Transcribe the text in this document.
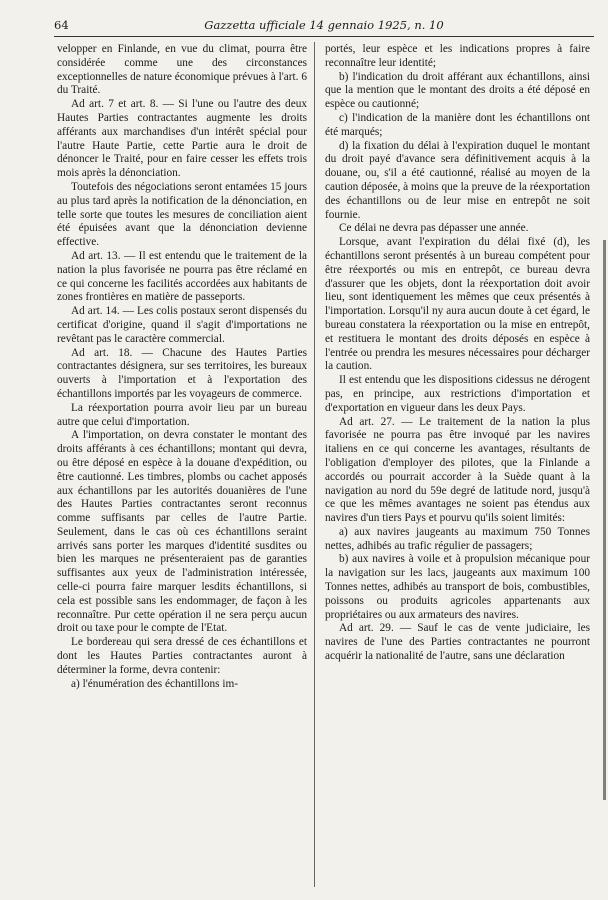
64	Gazzetta ufficiale 14 gennaio 1925, n. 10

velopper en Finlande, en vue du climat, pourra être considérée comme une des circonstances exceptionnelles de nature économique prévues à l'art. 6 du Traité.

Ad art. 7 et art. 8. — Si l'une ou l'autre des deux Hautes Parties contractantes augmente les droits afférants aux marchandises d'un intérêt spécial pour l'autre Haute Partie, cette Partie aura le droit de dénoncer le Traité, pour en faire cesser les effets trois mois après la dénonciation.

Toutefois des négociations seront entamées 15 jours au plus tard après la notification de la dénonciation, en telle sorte que toutes les mesures de conciliation aient été épuisées avant que la dénonciation devienne effective.

Ad art. 13. — Il est entendu que le traitement de la nation la plus favorisée ne pourra pas être réclamé en ce qui concerne les facilités accordées aux habitants de zones frontières en matière de passeports.

Ad art. 14. — Les colis postaux seront dispensés du certificat d'origine, quand il s'agit d'importations ne revêtant pas le caractère commercial.

Ad art. 18. — Chacune des Hautes Parties contractantes désignera, sur ses territoires, les bureaux ouverts à l'importation et à l'exportation des échantillons importés par les voyageurs de commerce.

La réexportation pourra avoir lieu par un bureau autre que celui d'importation.

A l'importation, on devra constater le montant des droits afférants à ces échantillons; montant qui devra, ou être déposé en espèce à la douane d'expédition, ou être cautionné. Les timbres, plombs ou cachet apposés aux échantillons par les autorités douanières de l'une des Hautes Parties contractantes seront reconnus comme suffisants par celles de l'autre Partie. Seulement, dans le cas où ces échantillons seraint arrivés sans porter les marques d'identité susdites ou bien les marques ne présenteraient pas de garanties suffisantes aux yeux de l'administration intéressée, celle-ci pourra faire marquer lesdits échantillons, si cela est possible sans les endommager, de façon à les reconnaître. Pur cette opération il ne sera perçu aucun droit ou taxe pour le compte de l'Etat.

Le bordereau qui sera dressé de ces échantillons et dont les Hautes Parties contractantes auront à déterminer la forme, devra contenir:

a) l'énumération des échantillons im-

portés, leur espèce et les indications propres à faire reconnaître leur identité;

b) l'indication du droit afférant aux échantillons, ainsi que la mention que le montant des droits a été déposé en espèce ou cautionné;

c) l'indication de la manière dont les échantillons ont été marqués;

d) la fixation du délai à l'expiration duquel le montant du droit payé d'avance sera définitivement acquis à la douane, ou, s'il a été cautionné, réalisé au moyen de la caution déposée, à moins que la preuve de la réexportation des échantillons ou de leur mise en entrepôt ne soit fournie.

Ce délai ne devra pas dépasser une année.

Lorsque, avant l'expiration du délai fixé (d), les échantillons seront présentés à un bureau compétent pour être réexportés ou mis en entrepôt, ce bureau devra d'assurer que les objets, dont la réexportation doit avoir lieu, sont identiquement les mêmes que ceux présentés à l'importation. Lorsqu'il ny aura aucun doute à cet égard, le bureau constatera la réexportation ou la mise en entrepôt, et restituera le montant des droits déposés en espèce à l'entrée ou prendra les mesures nécessaires pour décharger la caution.

Il est entendu que les dispositions cidessus ne dérogent pas, en principe, aux restrictions d'importation et d'exportation en vigueur dans les deux Pays.

Ad art. 27. — Le traitement de la nation la plus favorisée ne pourra pas être invoqué par les navires italiens en ce qui concerne les avantages, résultants de l'obligation d'employer des pilotes, que la Finlande a accordés ou pourrait accorder à la Suède quant à la navigation au nord du 59e degré de latitude nord, jusqu'à ce que les mêmes avantages ne soient pas étendus aux navires d'un tiers Pays et pourvu qu'ils soient limités:

a) aux navires jaugeants au maximum 750 Tonnes nettes, adhibés au trafic régulier de passagers;

b) aux navires à voile et à propulsion mécanique pour la navigation sur les lacs, jaugeants aux maximum 100 Tonnes nettes, adhibés au transport de bois, combustibles, poissons ou produits agricoles appartenants aux propriétaires ou aux armateurs des navires.

Ad art. 29. — Sauf le cas de vente judiciaire, les navires de l'une des Parties contractantes ne pourront acquérir la nationalité de l'autre, sans une déclaration
